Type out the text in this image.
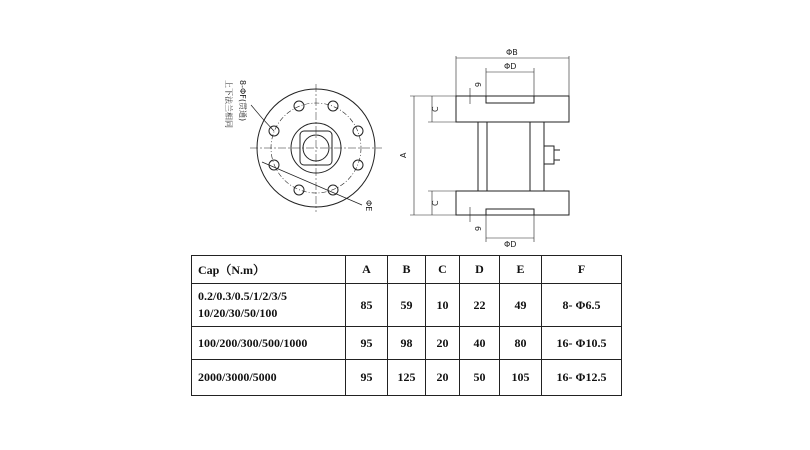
8-ΦF(贯通)
上下法兰相同
ΦE
ΦB
ΦD
ΦD
A
C
C
6
6
Cap（N.m）	A	B	C	D	E	F

0.2/0.3/0.5/1/2/3/5
10/20/30/50/100	85	59	10	22	49	8- Φ6.5
100/200/300/500/1000	95	98	20	40	80	16- Φ10.5
2000/3000/5000	95	125	20	50	105	16- Φ12.5
